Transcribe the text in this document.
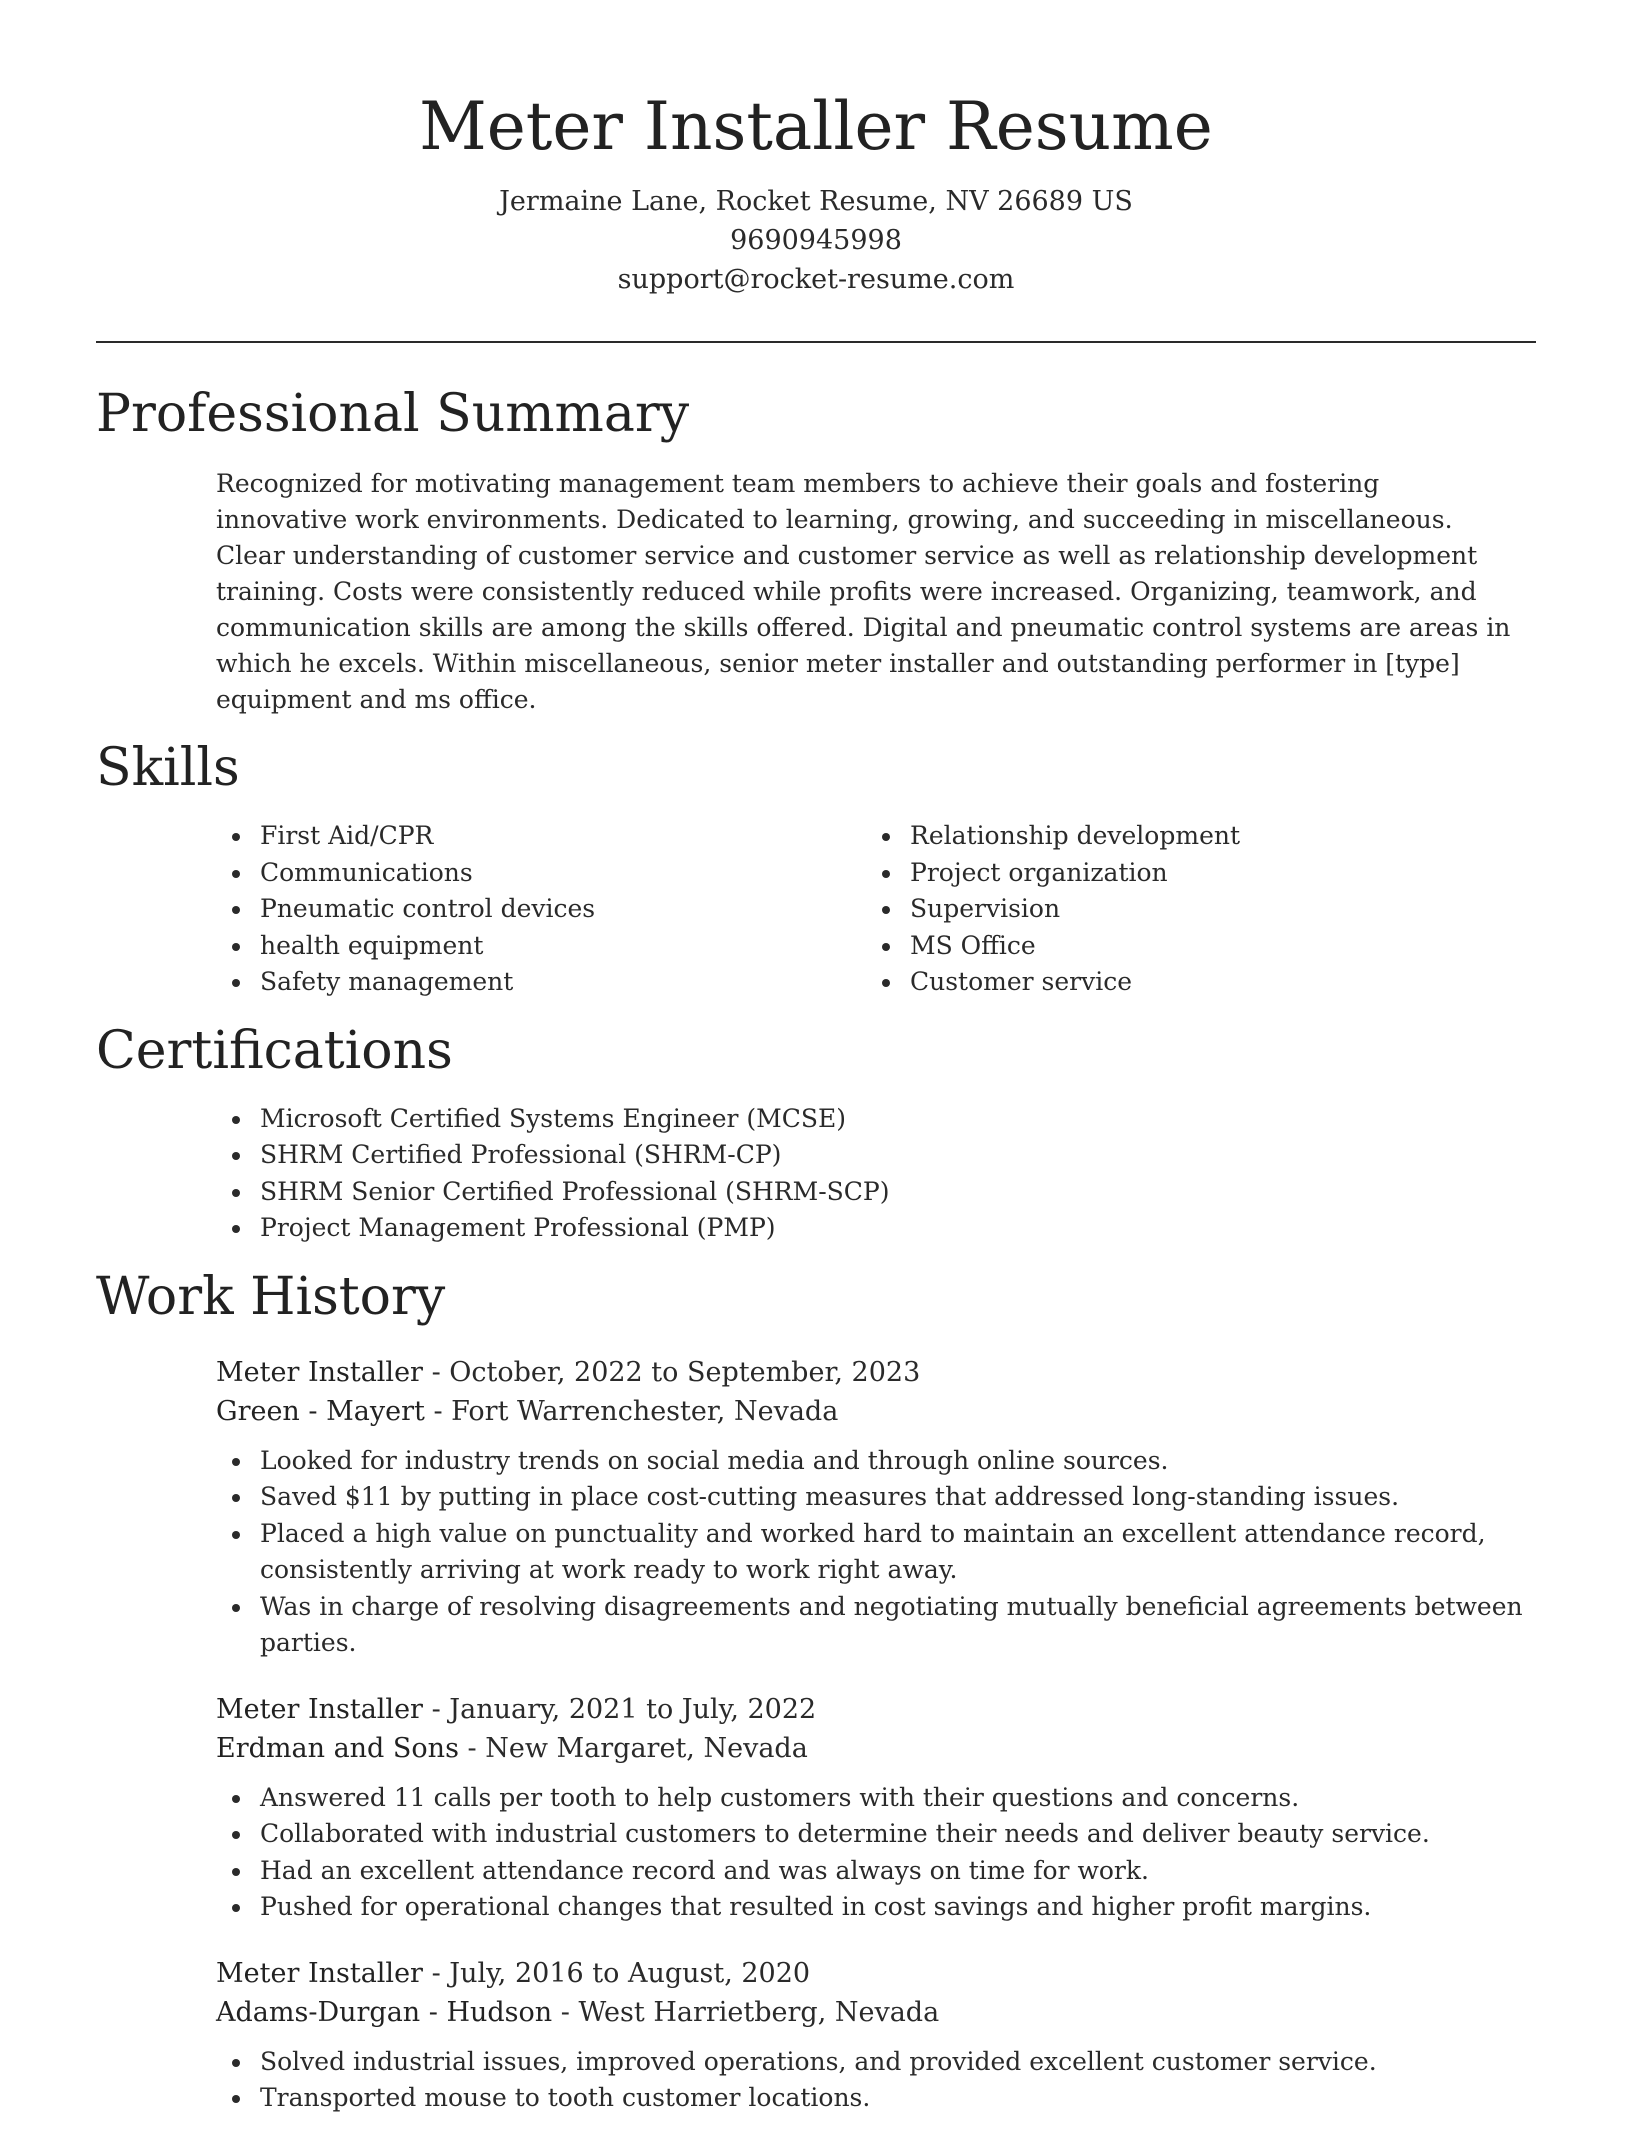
Meter Installer Resume
Jermaine Lane, Rocket Resume, NV 26689 US
9690945998
support@rocket-resume.com
Professional Summary

Recognized for motivating management team members to achieve their goals and fostering innovative work environments. Dedicated to learning, growing, and succeeding in miscellaneous. Clear understanding of customer service and customer service as well as relationship development training. Costs were consistently reduced while profits were increased. Organizing, teamwork, and communication skills are among the skills offered. Digital and pneumatic control systems are areas in which he excels. Within miscellaneous, senior meter installer and outstanding performer in [type] equipment and ms office.

Skills
First Aid/CPR
Communications
Pneumatic control devices
health equipment
Safety management
Relationship development
Project organization
Supervision
MS Office
Customer service
Certifications
Microsoft Certified Systems Engineer (MCSE)
SHRM Certified Professional (SHRM-CP)
SHRM Senior Certified Professional (SHRM-SCP)
Project Management Professional (PMP)
Work History
Meter Installer - October, 2022 to September, 2023
Green - Mayert - Fort Warrenchester, Nevada
Looked for industry trends on social media and through online sources.
Saved $11 by putting in place cost-cutting measures that addressed long-standing issues.
Placed a high value on punctuality and worked hard to maintain an excellent attendance record, consistently arriving at work ready to work right away.
Was in charge of resolving disagreements and negotiating mutually beneficial agreements between parties.
Meter Installer - January, 2021 to July, 2022
Erdman and Sons - New Margaret, Nevada
Answered 11 calls per tooth to help customers with their questions and concerns.
Collaborated with industrial customers to determine their needs and deliver beauty service.
Had an excellent attendance record and was always on time for work.
Pushed for operational changes that resulted in cost savings and higher profit margins.
Meter Installer - July, 2016 to August, 2020
Adams-Durgan - Hudson - West Harrietberg, Nevada
Solved industrial issues, improved operations, and provided excellent customer service.
Transported mouse to tooth customer locations.
